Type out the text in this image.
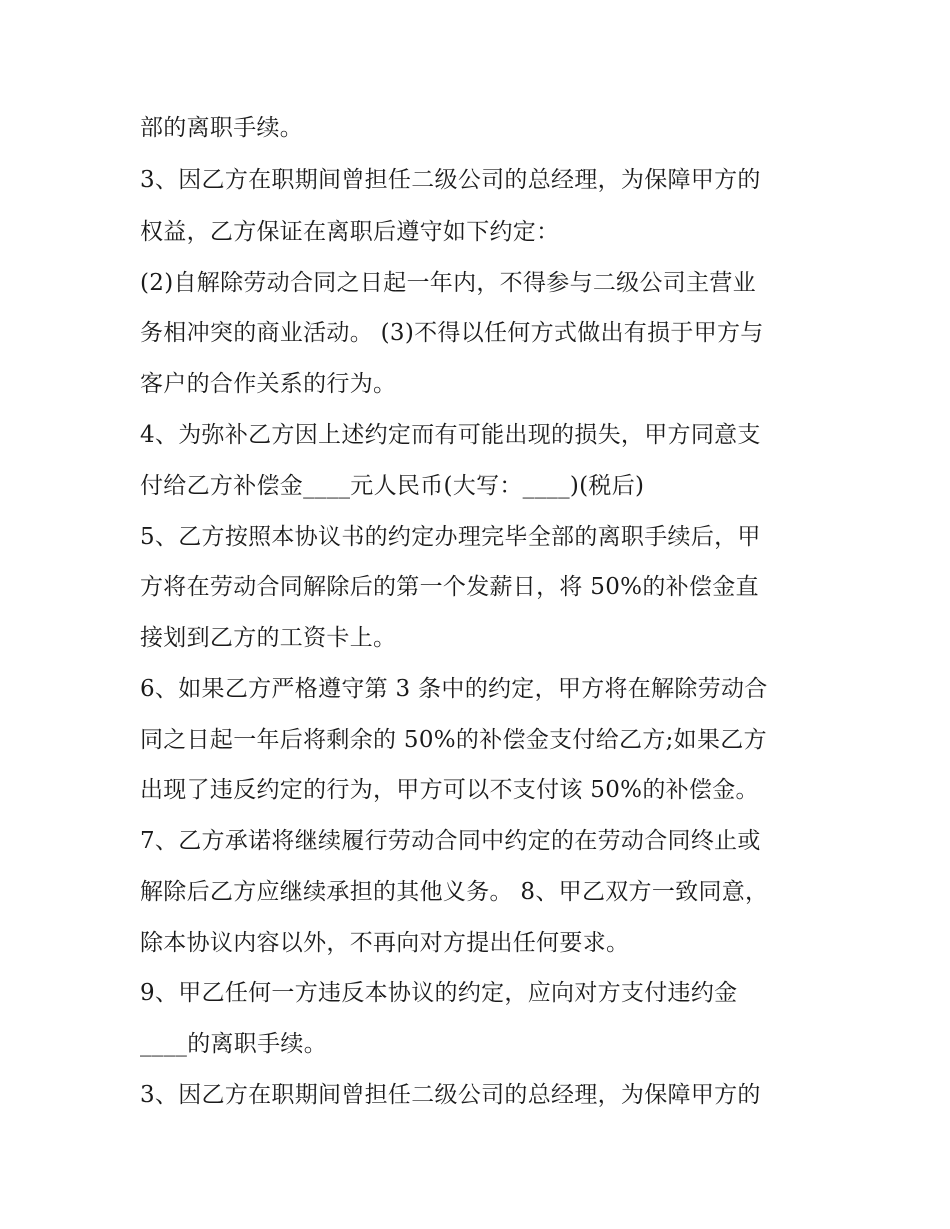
部的离职手续。
3、因乙方在职期间曾担任二级公司的总经理，为保障甲方的
权益，乙方保证在离职后遵守如下约定：
(2)自解除劳动合同之日起一年内，不得参与二级公司主营业
务相冲突的商业活动。 (3)不得以任何方式做出有损于甲方与
客户的合作关系的行为。
4、为弥补乙方因上述约定而有可能出现的损失，甲方同意支
付给乙方补偿金____元人民币(大写：____)(税后)
5、乙方按照本协议书的约定办理完毕全部的离职手续后，甲
方将在劳动合同解除后的第一个发薪日，将 50%的补偿金直
接划到乙方的工资卡上。
6、如果乙方严格遵守第 3 条中的约定，甲方将在解除劳动合
同之日起一年后将剩余的 50%的补偿金支付给乙方;如果乙方
出现了违反约定的行为，甲方可以不支付该 50%的补偿金。
7、乙方承诺将继续履行劳动合同中约定的在劳动合同终止或
解除后乙方应继续承担的其他义务。 8、甲乙双方一致同意，
除本协议内容以外，不再向对方提出任何要求。
9、甲乙任何一方违反本协议的约定，应向对方支付违约金
____的离职手续。
3、因乙方在职期间曾担任二级公司的总经理，为保障甲方的
